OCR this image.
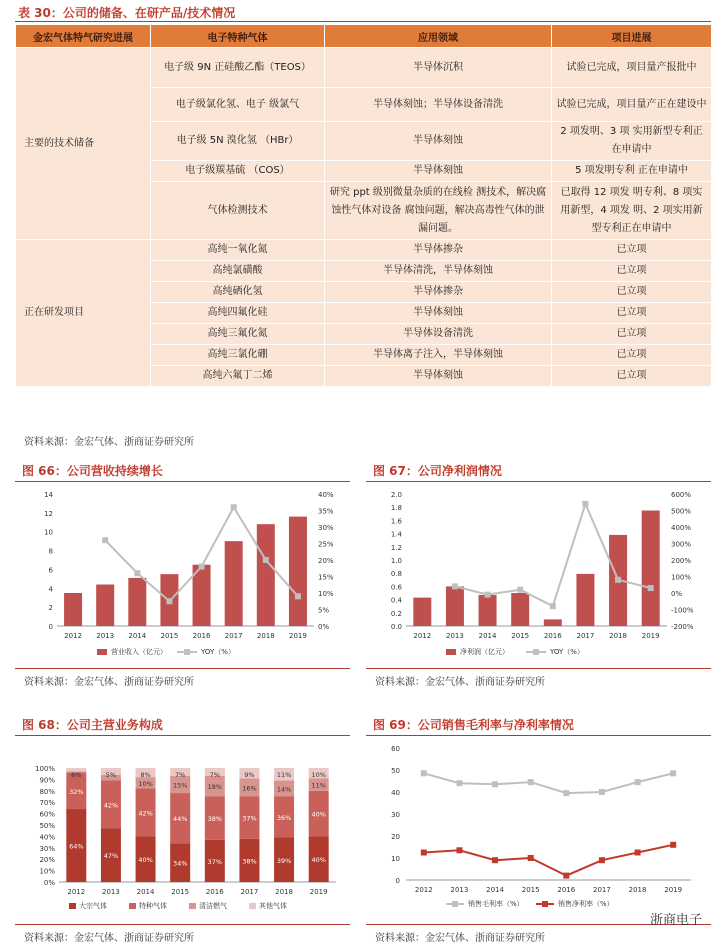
表 30：公司的储备、在研产品/技术情况
金宏气体特气研究进展	电子特种气体	应用领域	项目进展
主要的技术储备	电子级 9N 正硅酸乙酯（TEOS）	半导体沉积	试验已完成，项目量产报批中
	电子级氯化氢、电子 级氯气	半导体刻蚀；半导体设备清洗	试验已完成，项目量产正在建设中
	电子级 5N 溴化氢 （HBr）	半导体刻蚀	2 项发明、3 项 实用新型专利正在申请中
	电子级羰基硫 （COS）	半导体刻蚀	5 项发明专利 正在申请中
	气体检测技术	研究 ppt 级别微量杂质的在线检 测技术，解决腐蚀性气体对设备 腐蚀问题，解决高毒性气体的泄 漏问题。	已取得 12 项发 明专利、8 项实 用新型，4 项发 明、2 项实用新 型专利正在申请中
正在研发项目	高纯一氧化氮	半导体掺杂	已立项
	高纯氯磺酸	半导体清洗，半导体刻蚀	已立项
	高纯硒化氢	半导体掺杂	已立项
	高纯四氟化硅	半导体刻蚀	已立项
	高纯三氟化氮	半导体设备清洗	已立项
	高纯三氯化硼	半导体离子注入，半导体刻蚀	已立项
	高纯六氟丁二烯	半导体刻蚀	已立项
资料来源：金宏气体、浙商证券研究所
图 66：公司营收持续增长
0
2
4
6
8
10
12
14
0%
5%
10%
15%
20%
25%
30%
35%
40%
2012 2013 2014 2015 2016 2017 2018 2019
营业收入（亿元）	YOY（%）
资料来源：金宏气体、浙商证券研究所
图 67：公司净利润情况
0.0
0.2
0.4
0.6
0.8
1.0
1.2
1.4
1.6
1.8
2.0
-200%
-100%
0%
100%
200%
300%
400%
500%
600%
2012 2013 2014 2015 2016 2017 2018 2019
净利润（亿元）	YOY（%）
资料来源：金宏气体、浙商证券研究所
图 68：公司主营业务构成
0%
10%
20%
30%
40%
50%
60%
70%
80%
90%
100%
64%
32%
6%
2012
47%
42%
5%
2013
40%
42%
10%
8%
2014
34%
44%
15%
7%
2015
37%
38%
18%
7%
2016
38%
37%
16%
9%
2017
39%
36%
14%
11%
2018
40%
40%
11%
10%
2019
大宗气体	特种气体	清洁燃气	其他气体
资料来源：金宏气体、浙商证券研究所
图 69：公司销售毛利率与净利率情况
0
10
20
30
40
50
60
2012	2013	2014	2015	2016	2017	2018	2019
销售毛利率（%）	销售净利率（%）
资料来源：金宏气体、浙商证券研究所
浙商电子
